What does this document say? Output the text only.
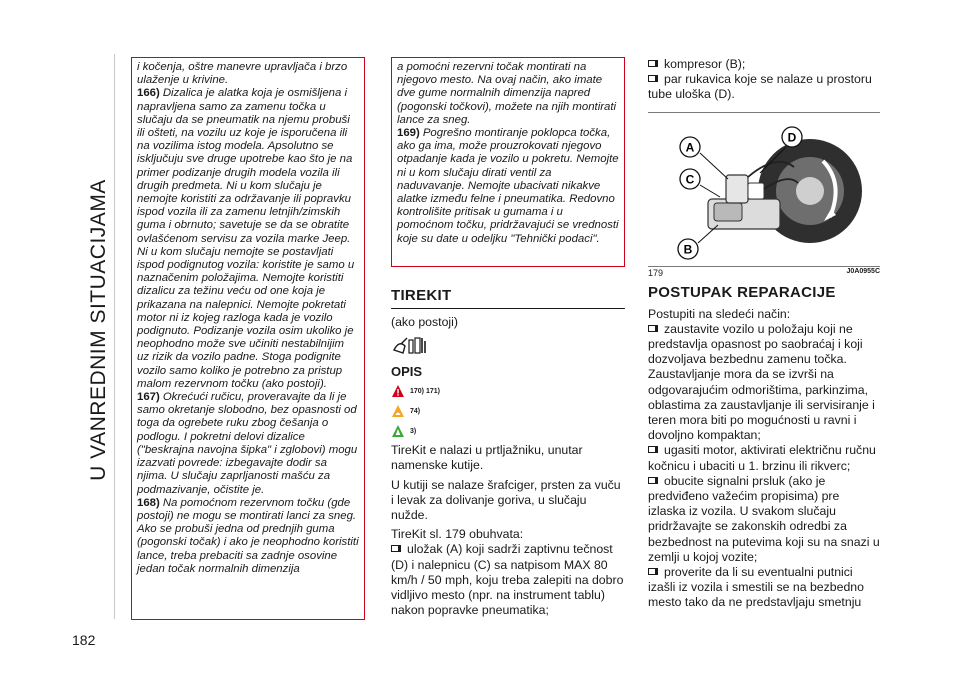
U VANREDNIM SITUACIJAMA
182

i kočenja, oštre manevre upravljača i brzo ulaženje u krivine.

166) Dizalica je alatka koja je osmišljena i napravljena samo za zamenu točka u slučaju da se pneumatik na njemu probuši ili ošteti, na vozilu uz koje je isporučena ili na vozilima istog modela. Apsolutno se isključuju sve druge upotrebe kao što je na primer podizanje drugih modela vozila ili drugih predmeta. Ni u kom slučaju je nemojte koristiti za održavanje ili popravku ispod vozila ili za zamenu letnjih/zimskih guma i obrnuto; savetuje se da se obratite ovlašćenom servisu za vozila marke Jeep. Ni u kom slučaju nemojte se postavljati ispod podignutog vozila: koristite je samo u naznačenim položajima. Nemojte koristiti dizalicu za težinu veću od one koja je prikazana na nalepnici. Nemojte pokretati motor ni iz kojeg razloga kada je vozilo podignuto. Podizanje vozila osim ukoliko je neophodno može sve učiniti nestabilnijim uz rizik da vozilo padne. Stoga podignite vozilo samo koliko je potrebno za pristup malom rezervnom točku (ako postoji).

167) Okrećući ručicu, proveravajte da li je samo okretanje slobodno, bez opasnosti od toga da ogrebete ruku zbog češanja o podlogu. I pokretni delovi dizalice ("beskrajna navojna šipka" i zglobovi) mogu izazvati povrede: izbegavajte dodir sa njima. U slučaju zaprljanosti mašću za podmazivanje, očistite je.

168) Na pomoćnom rezervnom točku (gde postoji) ne mogu se montirati lanci za sneg. Ako se probuši jedna od prednjih guma (pogonski točak) i ako je neophodno koristiti lance, treba prebaciti sa zadnje osovine jedan točak normalnih dimenzija

a pomoćni rezervni točak montirati na njegovo mesto. Na ovaj način, ako imate dve gume normalnih dimenzija napred (pogonski točkovi), možete na njih montirati lance za sneg.

169) Pogrešno montiranje poklopca točka, ako ga ima, može prouzrokovati njegovo otpadanje kada je vozilo u pokretu. Nemojte ni u kom slučaju dirati ventil za naduvavanje. Nemojte ubacivati nikakve alatke između felne i pneumatika. Redovno kontrolišite pritisak u gumama i u pomoćnom točku, pridržavajući se vrednosti koje su date u odeljku "Tehnički podaci".

TIREKIT
(ako postoji)
OPIS
170) 171)
74)
3)

TireKit e nalazi u prtljažniku, unutar namenske kutije.

U kutiji se nalaze šrafciger, prsten za vuču i levak za dolivanje goriva, u slučaju nužde.

TireKit sl. 179 obuhvata:

uložak (A) koji sadrži zaptivnu tečnost (D) i nalepnicu (C) sa natpisom MAX 80 km/h / 50 mph, koju treba zalepiti na dobro vidljivo mesto (npr. na instrument tablu) nakon popravke pneumatika;

kompresor (B);

par rukavica koje se nalaze u prostoru tube uloška (D).

A
B
C
D
179	J0A0955C
POSTUPAK REPARACIJE

Postupiti na sledeći način:

zaustavite vozilo u položaju koji ne predstavlja opasnost po saobraćaj i koji dozvoljava bezbednu zamenu točka. Zaustavljanje mora da se izvrši na odgovarajućim odmorištima, parkinzima, oblastima za zaustavljanje ili servisiranje i teren mora biti po mogućnosti u ravni i dovoljno kompaktan;

ugasiti motor, aktivirati električnu ručnu kočnicu i ubaciti u 1. brzinu ili rikverc;

obucite signalni prsluk (ako je predviđeno važećim propisima) pre izlaska iz vozila. U svakom slučaju pridržavajte se zakonskih odredbi za bezbednost na putevima koji su na snazi u zemlji u kojoj vozite;

proverite da li su eventualni putnici izašli iz vozila i smestili se na bezbedno mesto tako da ne predstavljaju smetnju
